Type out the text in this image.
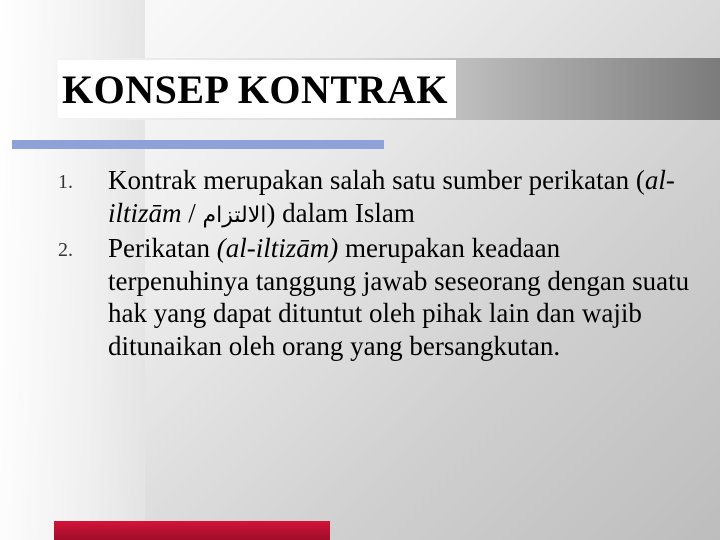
KONSEP KONTRAK
1.	Kontrak merupakan salah satu sumber perikatan (al-iltizām / الالتزام) dalam Islam
2.	Perikatan (al-iltizām) merupakan keadaan terpenuhinya tanggung jawab seseorang dengan suatu hak yang dapat dituntut oleh pihak lain dan wajib ditunaikan oleh orang yang bersangkutan.
